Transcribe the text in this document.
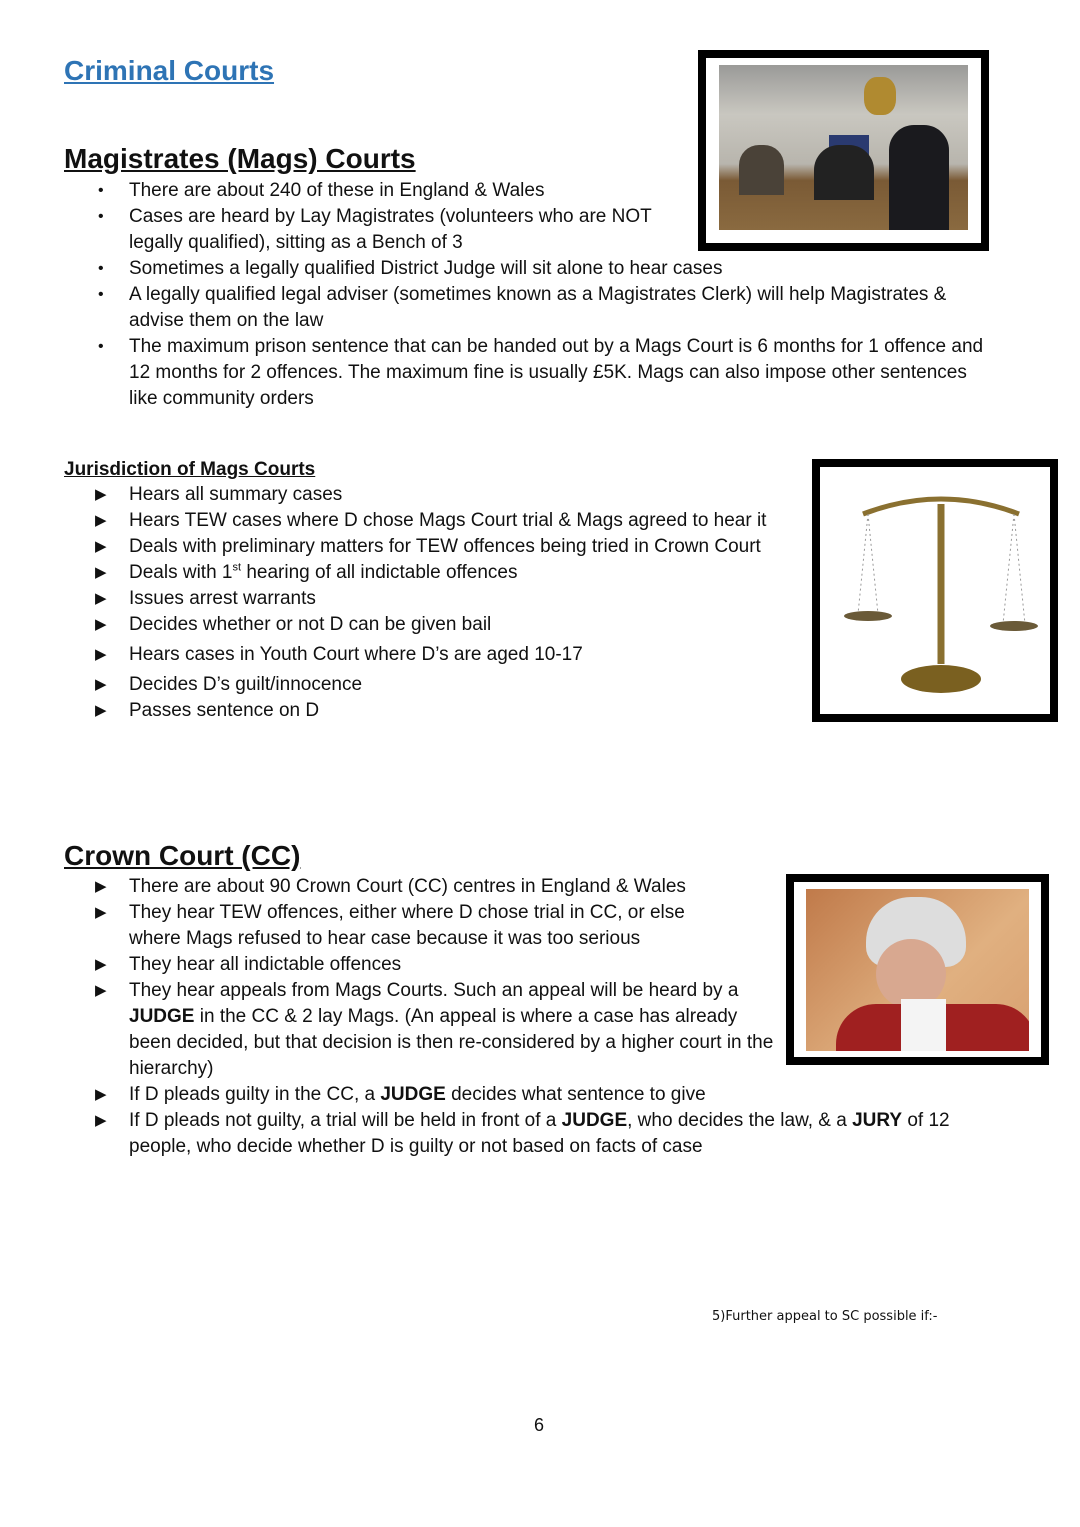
Criminal Courts
Magistrates (Mags) Courts
• There are about 240 of these in England & Wales
• Cases are heard by Lay Magistrates (volunteers who are NOT legally qualified), sitting as a Bench of 3
• Sometimes a legally qualified District Judge will sit alone to hear cases
• A legally qualified legal adviser (sometimes known as a Magistrates Clerk) will help Magistrates & advise them on the law
• The maximum prison sentence that can be handed out by a Mags Court is 6 months for 1 offence and 12 months for 2 offences. The maximum fine is usually £5K. Mags can also impose other sentences like community orders
Jurisdiction of Mags Courts
▶ Hears all summary cases
▶ Hears TEW cases where D chose Mags Court trial & Mags agreed to hear it
▶ Deals with preliminary matters for TEW offences being tried in Crown Court
▶ Deals with 1st hearing of all indictable offences
▶ Issues arrest warrants
▶ Decides whether or not D can be given bail
▶ Hears cases in Youth Court where D’s are aged 10-17
▶ Decides D’s guilt/innocence
▶ Passes sentence on D
Crown Court (CC)
▶ There are about 90 Crown Court (CC) centres in England & Wales
▶ They hear TEW offences, either where D chose trial in CC, or else where Mags refused to hear case because it was too serious
▶ They hear all indictable offences
▶ They hear appeals from Mags Courts. Such an appeal will be heard by a JUDGE in the CC & 2 lay Mags. (An appeal is where a case has already been decided, but that decision is then re-considered by a higher court in the hierarchy)
▶ If D pleads guilty in the CC, a JUDGE decides what sentence to give
▶ If D pleads not guilty, a trial will be held in front of a JUDGE, who decides the law, & a JURY of 12 people, who decide whether D is guilty or not based on facts of case
5)Further appeal to SC possible if:-
6
